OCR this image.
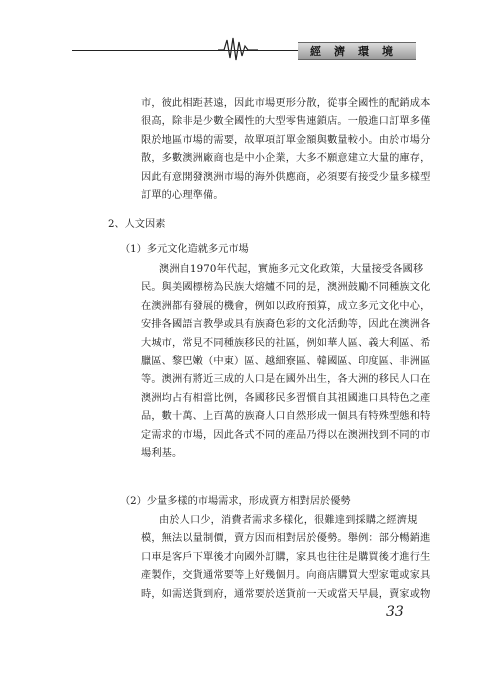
經濟環境
市，彼此相距甚遠，因此市場更形分散，從事全國性的配銷成本
很高，除非是少數全國性的大型零售連鎖店。一般進口訂單多僅
限於地區市場的需要，故單項訂單金額與數量較小。由於市場分
散，多數澳洲廠商也是中小企業，大多不願意建立大量的庫存，
因此有意開發澳洲市場的海外供應商，必須要有接受少量多樣型
訂單的心理準備。
2、人文因素
（1）多元文化造就多元市場
澳洲自1970年代起，實施多元文化政策，大量接受各國移
民。與美國標榜為民族大熔爐不同的是，澳洲鼓勵不同種族文化
在澳洲都有發展的機會，例如以政府預算，成立多元文化中心，
安排各國語言教學或具有族裔色彩的文化活動等，因此在澳洲各
大城市，常見不同種族移民的社區，例如華人區、義大利區、希
臘區、黎巴嫩（中東）區、越細寮區、韓國區、印度區、非洲區
等。澳洲有將近三成的人口是在國外出生，各大洲的移民人口在
澳洲均占有相當比例，各國移民多習慣自其祖國進口具特色之產
品，數十萬、上百萬的族裔人口自然形成一個具有特殊型態和特
定需求的市場，因此各式不同的產品乃得以在澳洲找到不同的市
場利基。
（2）少量多樣的市場需求，形成賣方相對居於優勢
由於人口少，消費者需求多樣化，很難達到採購之經濟規
模，無法以量制價，賣方因而相對居於優勢。舉例：部分暢銷進
口車是客戶下單後才向國外訂購，家具也往往是購買後才進行生
產製作，交貨通常要等上好幾個月。向商店購買大型家電或家具
時，如需送貨到府，通常要於送貨前一天或當天早晨，賣家或物
33
